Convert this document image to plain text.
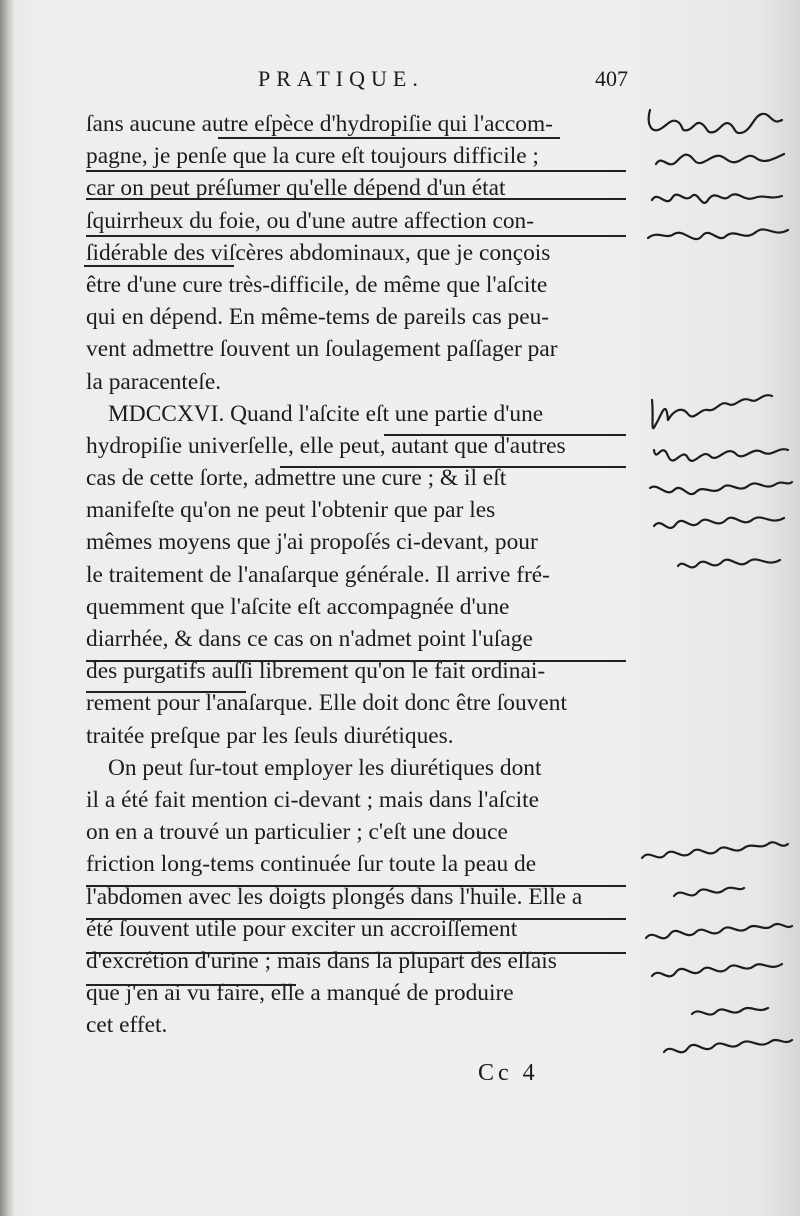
PRATIQUE.	407
ſans aucune autre eſpèce d'hydropiſie qui l'accom-
pagne, je penſe que la cure eſt toujours difficile ;
car on peut préſumer qu'elle dépend d'un état
ſquirrheux du foie, ou d'une autre affection con-
ſidérable des viſcères abdominaux, que je conçois
être d'une cure très-difficile, de même que l'aſcite
qui en dépend. En même-tems de pareils cas peu-
vent admettre ſouvent un ſoulagement paſſager par
la paracenteſe.
MDCCXVI. Quand l'aſcite eſt une partie d'une
hydropiſie univerſelle, elle peut, autant que d'autres
cas de cette ſorte, admettre une cure ; & il eſt
manifeſte qu'on ne peut l'obtenir que par les
mêmes moyens que j'ai propoſés ci-devant, pour
le traitement de l'anaſarque générale. Il arrive fré-
quemment que l'aſcite eſt accompagnée d'une
diarrhée, & dans ce cas on n'admet point l'uſage
des purgatifs auſſi librement qu'on le fait ordinai-
rement pour l'anaſarque. Elle doit donc être ſouvent
traitée preſque par les ſeuls diurétiques.
On peut ſur-tout employer les diurétiques dont
il a été fait mention ci-devant ; mais dans l'aſcite
on en a trouvé un particulier ; c'eſt une douce
friction long-tems continuée ſur toute la peau de
l'abdomen avec les doigts plongés dans l'huile. Elle a
été ſouvent utile pour exciter un accroiſſement
d'excrétion d'urine ; mais dans la plupart des eſſais
que j'en ai vu faire, elle a manqué de produire
cet effet.
Cc 4
